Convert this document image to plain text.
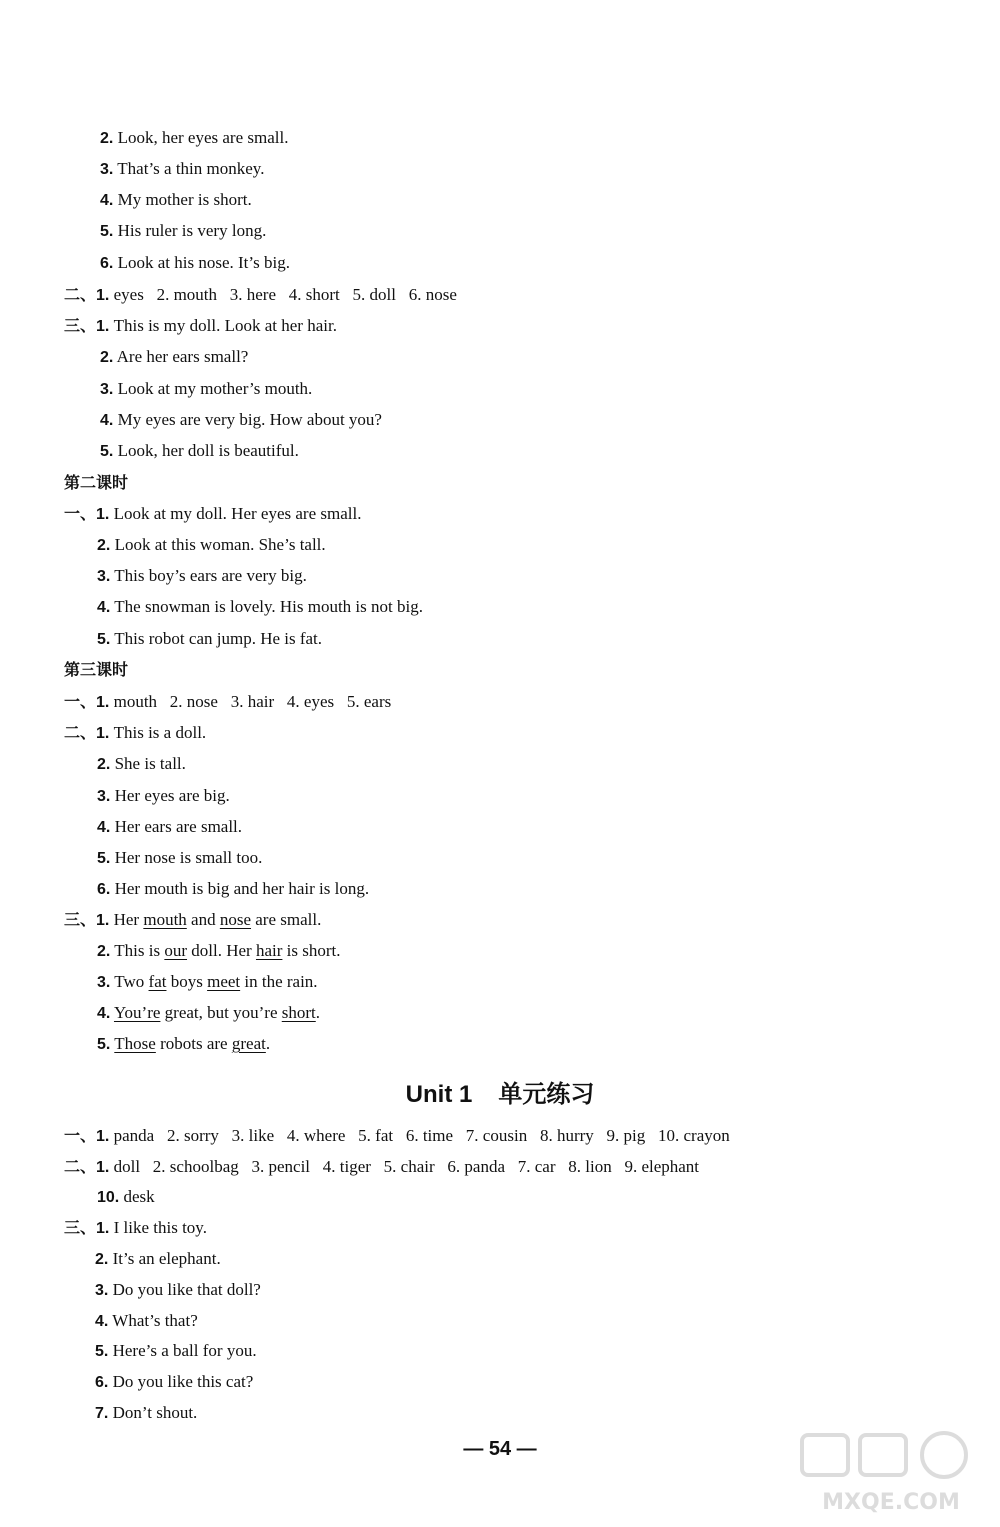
2. Look, her eyes are small.
3. That’s a thin monkey.
4. My mother is short.
5. His ruler is very long.
6. Look at his nose. It’s big.
二、1. eyes   2. mouth   3. here   4. short   5. doll   6. nose
三、1. This is my doll. Look at her hair.
2. Are her ears small?
3. Look at my mother’s mouth.
4. My eyes are very big. How about you?
5. Look, her doll is beautiful.
第二课时
一、1. Look at my doll. Her eyes are small.
2. Look at this woman. She’s tall.
3. This boy’s ears are very big.
4. The snowman is lovely. His mouth is not big.
5. This robot can jump. He is fat.
第三课时
一、1. mouth   2. nose   3. hair   4. eyes   5. ears
二、1. This is a doll.
2. She is tall.
3. Her eyes are big.
4. Her ears are small.
5. Her nose is small too.
6. Her mouth is big and her hair is long.
三、1. Her mouth and nose are small.
2. This is our doll. Her hair is short.
3. Two fat boys meet in the rain.
4. You’re great, but you’re short.
5. Those robots are great.
Unit 1 单元练习
一、1. panda   2. sorry   3. like   4. where   5. fat   6. time   7. cousin   8. hurry   9. pig   10. crayon
二、1. doll   2. schoolbag   3. pencil   4. tiger   5. chair   6. panda   7. car   8. lion   9. elephant
10. desk
三、1. I like this toy.
2. It’s an elephant.
3. Do you like that doll?
4. What’s that?
5. Here’s a ball for you.
6. Do you like this cat?
7. Don’t shout.
— 54 —
MXQE.COM
